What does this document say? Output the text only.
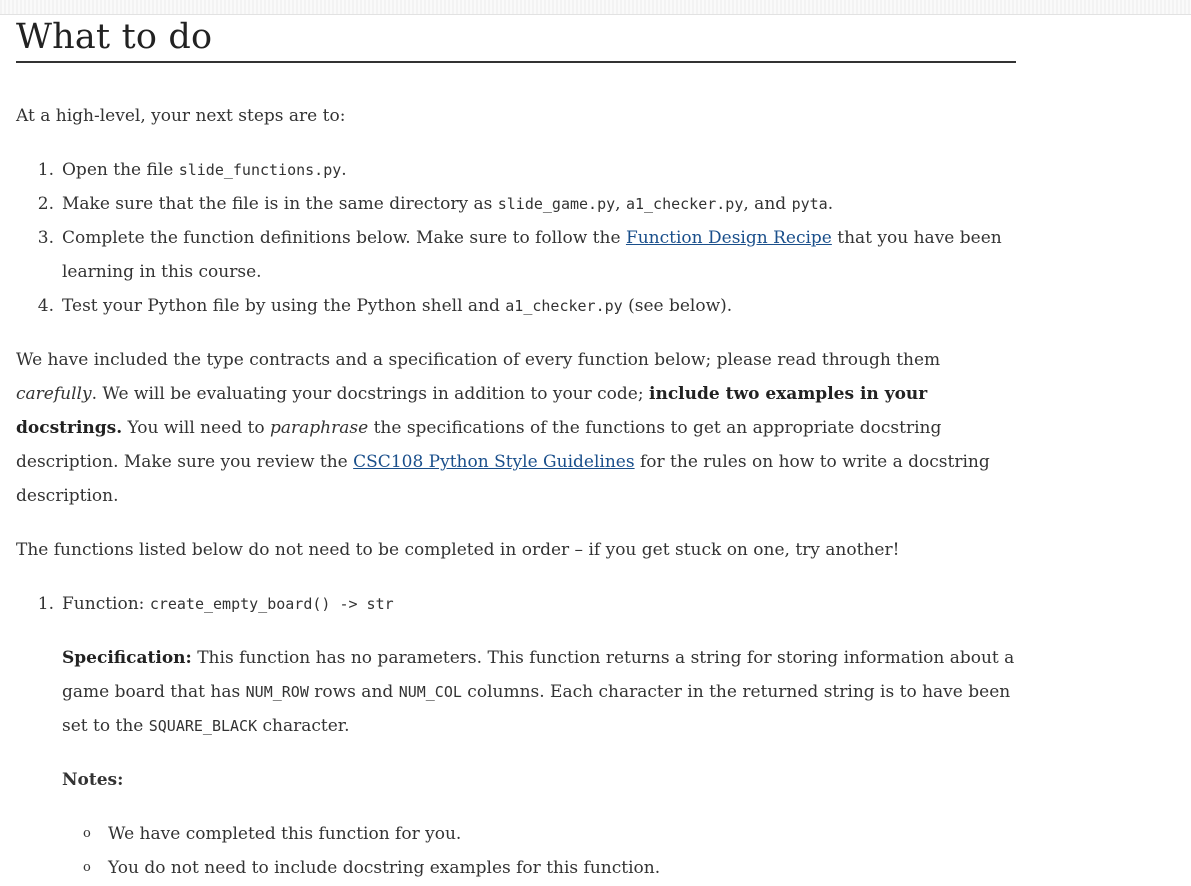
What to do

At a high-level, your next steps are to:

1. Open the file slide_functions.py.
2. Make sure that the file is in the same directory as slide_game.py, a1_checker.py, and pyta.
3. Complete the function definitions below. Make sure to follow the Function Design Recipe that you have been learning in this course.
4. Test your Python file by using the Python shell and a1_checker.py (see below).

We have included the type contracts and a specification of every function below; please read through them carefully. We will be evaluating your docstrings in addition to your code; include two examples in your docstrings. You will need to paraphrase the specifications of the functions to get an appropriate docstring description. Make sure you review the CSC108 Python Style Guidelines for the rules on how to write a docstring description.

The functions listed below do not need to be completed in order – if you get stuck on one, try another!

1. Function: create_empty_board() -> str

Specification: This function has no parameters. This function returns a string for storing information about a game board that has NUM_ROW rows and NUM_COL columns. Each character in the returned string is to have been set to the SQUARE_BLACK character.

Notes:

o We have completed this function for you.
o You do not need to include docstring examples for this function.
